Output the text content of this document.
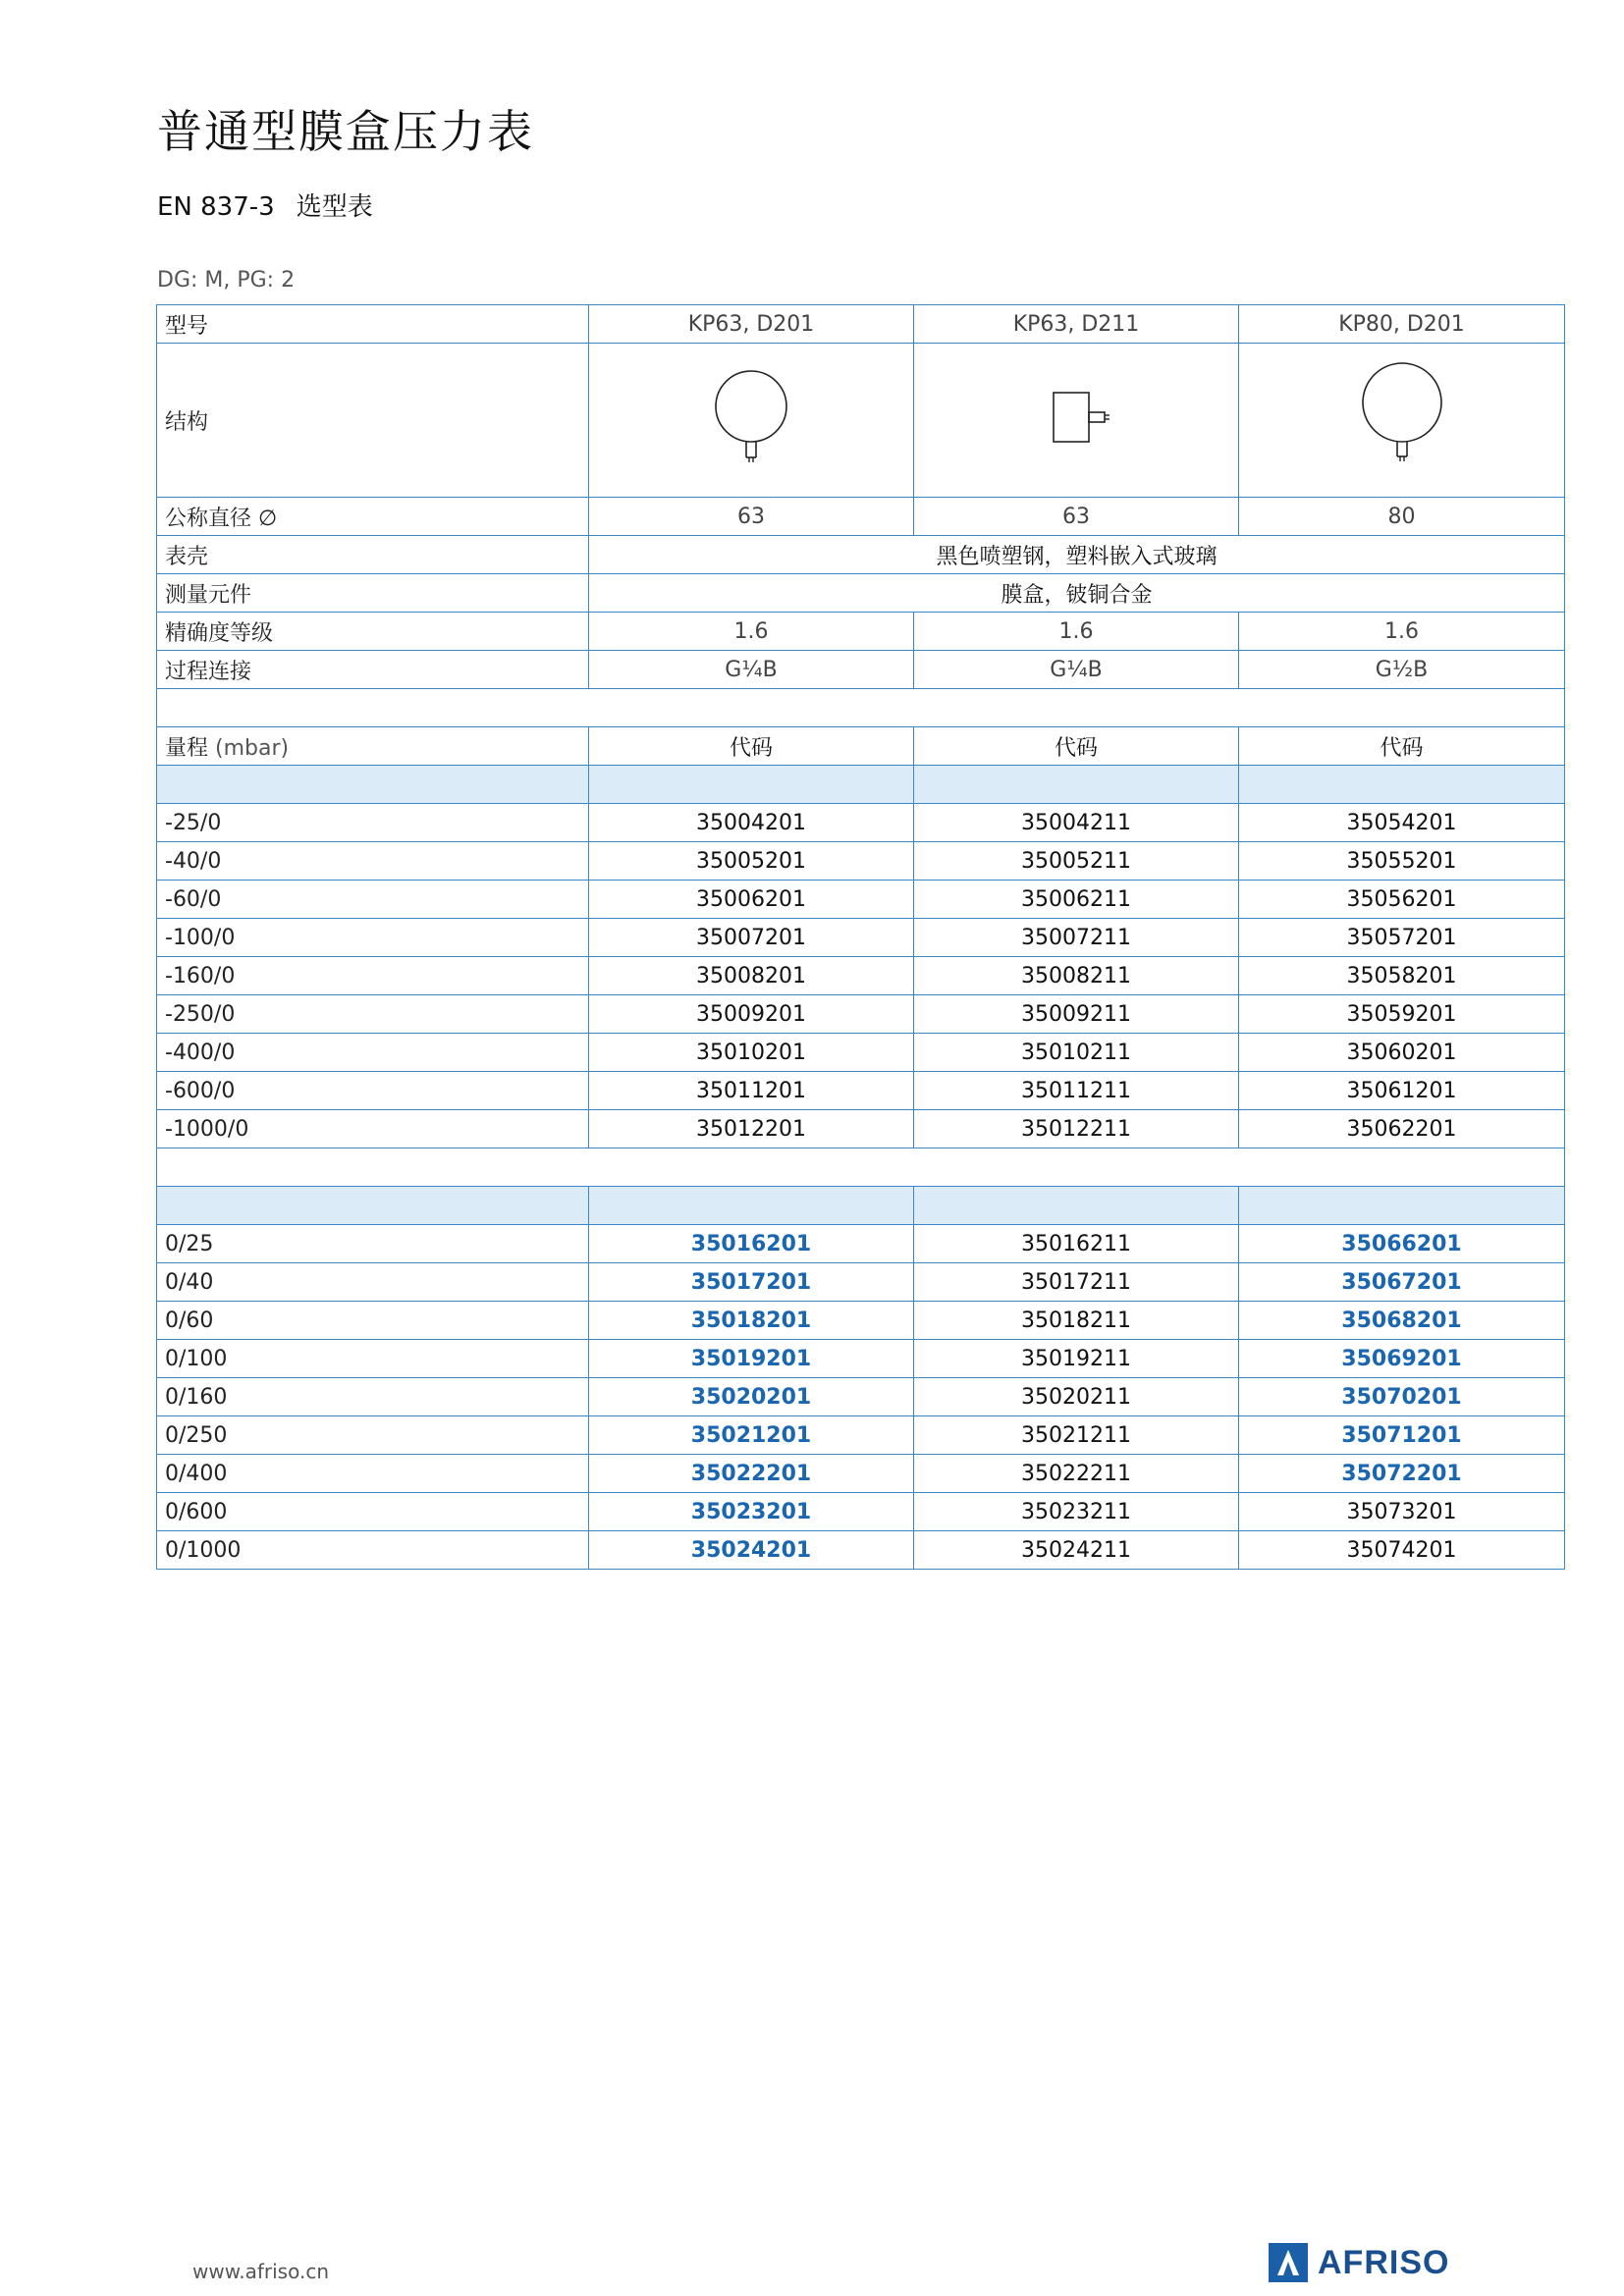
普通型膜盒压力表
EN 837-3 选型表
DG: M, PG: 2
型号	KP63, D201	KP63, D211	KP80, D201
结构			
公称直径 ∅	63	63	80
表壳	黑色喷塑钢，塑料嵌入式玻璃		
测量元件	膜盒，铍铜合金		
精确度等级	1.6	1.6	1.6
过程连接	G¼B	G¼B	G½B

量程 (mbar)	代码	代码	代码

-25/0	35004201	35004211	35054201
-40/0	35005201	35005211	35055201
-60/0	35006201	35006211	35056201
-100/0	35007201	35007211	35057201
-160/0	35008201	35008211	35058201
-250/0	35009201	35009211	35059201
-400/0	35010201	35010211	35060201
-600/0	35011201	35011211	35061201
-1000/0	35012201	35012211	35062201

0/25	35016201	35016211	35066201
0/40	35017201	35017211	35067201
0/60	35018201	35018211	35068201
0/100	35019201	35019211	35069201
0/160	35020201	35020211	35070201
0/250	35021201	35021211	35071201
0/400	35022201	35022211	35072201
0/600	35023201	35023211	35073201
0/1000	35024201	35024211	35074201
www.afriso.cn	AFRISO
